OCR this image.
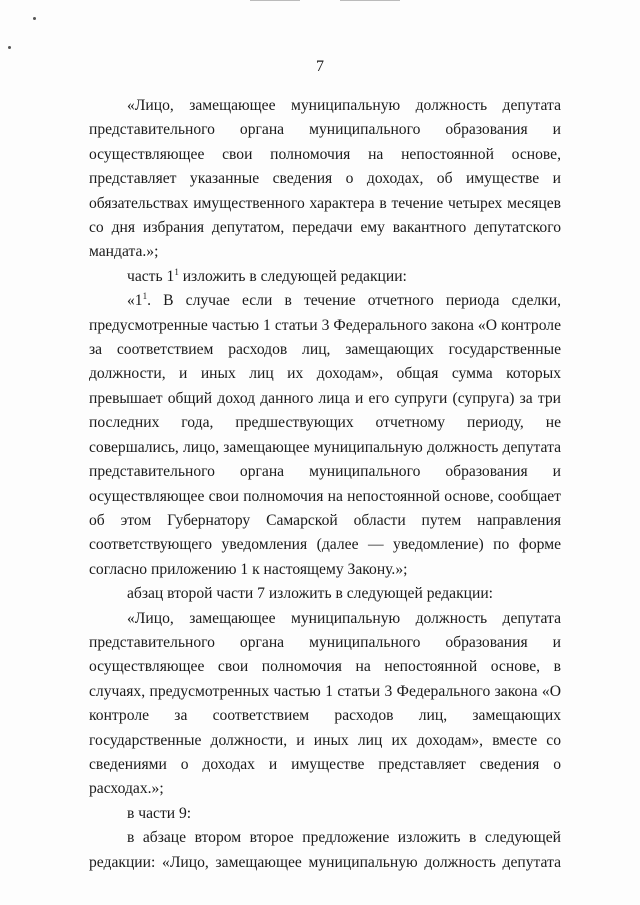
7

«Лицо, замещающее муниципальную должность депутата представительного органа муниципального образования и осуществляющее свои полномочия на непостоянной основе, представляет указанные сведения о доходах, об имуществе и обязательствах имущественного характера в течение четырех месяцев со дня избрания депутатом, передачи ему вакантного депутатского мандата.»;

часть $1^1$ изложить в следующей редакции:

«$1^1$. В случае если в течение отчетного периода сделки, предусмотренные частью 1 статьи 3 Федерального закона «О контроле за соответствием расходов лиц, замещающих государственные должности, и иных лиц их доходам», общая сумма которых превышает общий доход данного лица и его супруги (супруга) за три последних года, предшествующих отчетному периоду, не совершались, лицо, замещающее муниципальную должность депутата представительного органа муниципального образования и осуществляющее свои полномочия на непостоянной основе, сообщает об этом Губернатору Самарской области путем направления соответствующего уведомления (далее — уведомление) по форме согласно приложению 1 к настоящему Закону.»;

абзац второй части 7 изложить в следующей редакции:

«Лицо, замещающее муниципальную должность депутата представительного органа муниципального образования и осуществляющее свои полномочия на непостоянной основе, в случаях, предусмотренных частью 1 статьи 3 Федерального закона «О контроле за соответствием расходов лиц, замещающих государственные должности, и иных лиц их доходам», вместе со сведениями о доходах и имуществе представляет сведения о расходах.»;

в части 9:

в абзаце втором второе предложение изложить в следующей редакции: «Лицо, замещающее муниципальную должность депутата
